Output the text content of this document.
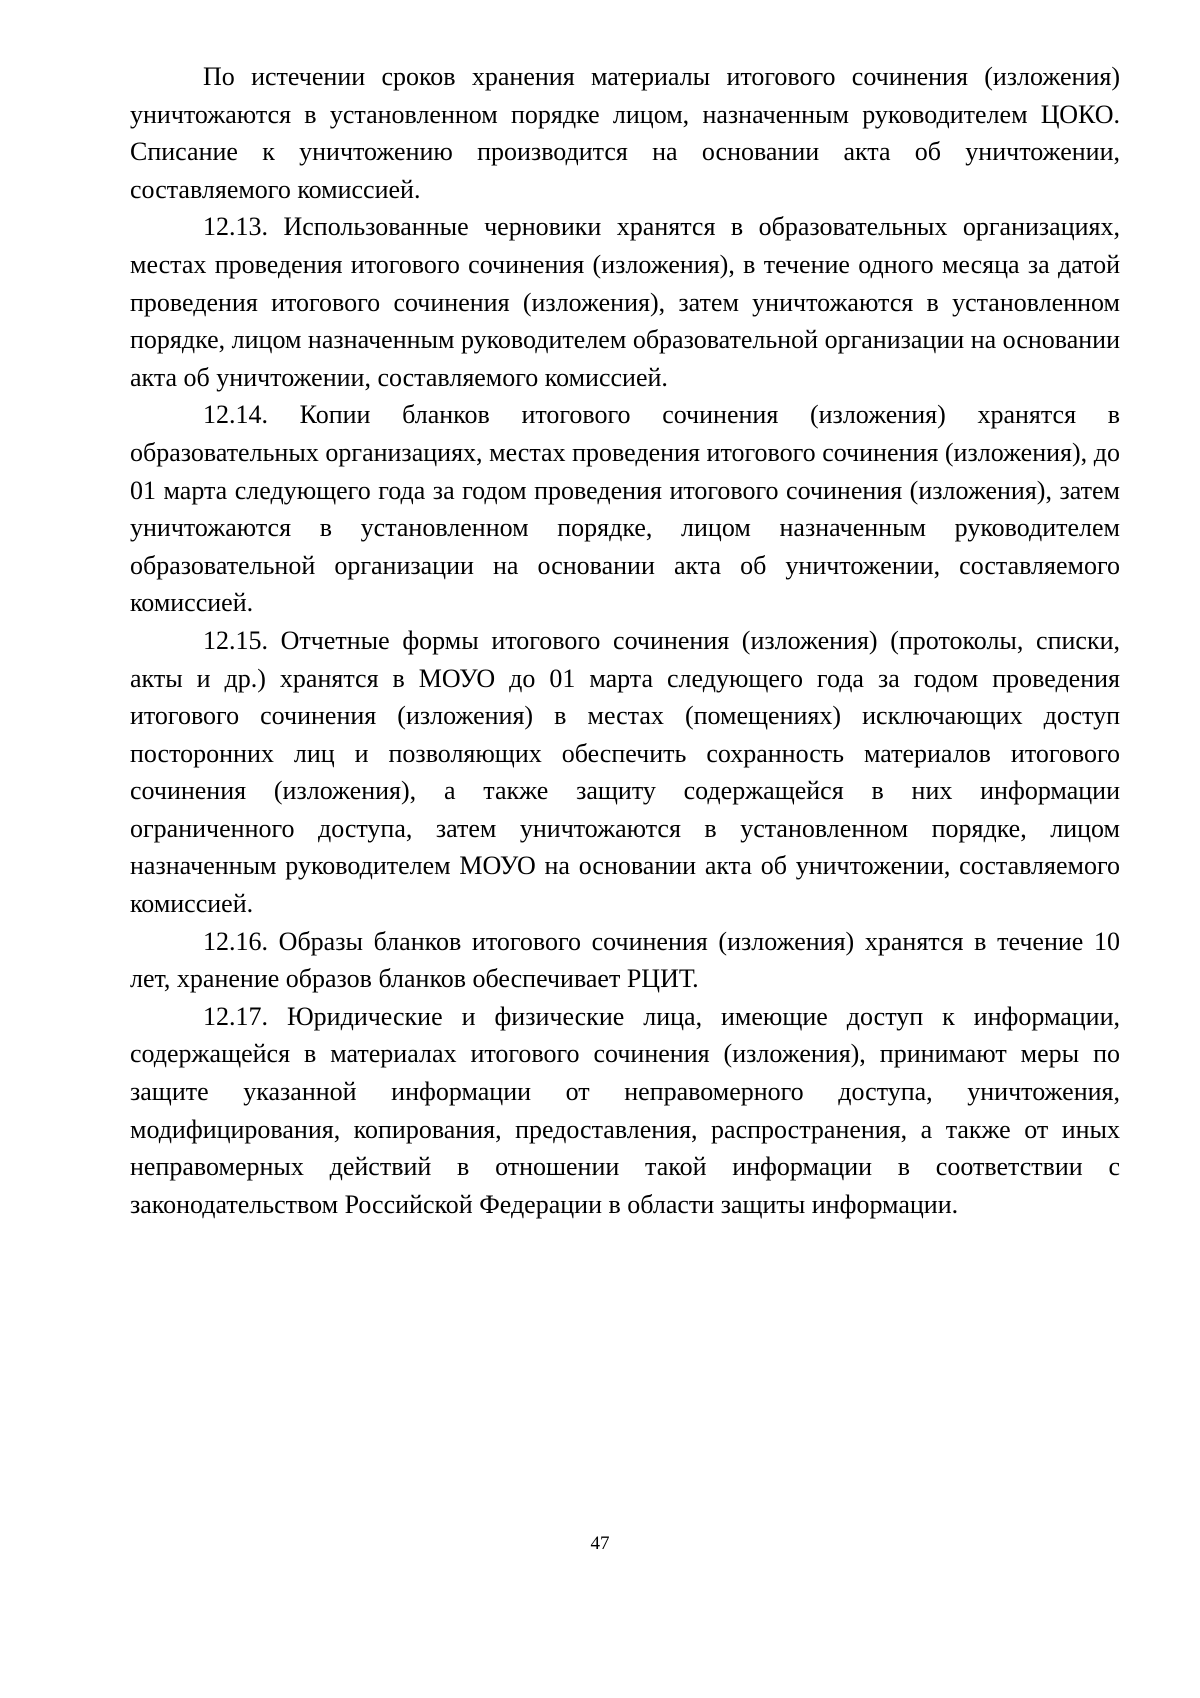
По истечении сроков хранения материалы итогового сочинения (изложения) уничтожаются в установленном порядке лицом, назначенным руководителем ЦОКО. Списание к уничтожению производится на основании акта об уничтожении, составляемого комиссией.

12.13. Использованные черновики хранятся в образовательных организациях, местах проведения итогового сочинения (изложения), в течение одного месяца за датой проведения итогового сочинения (изложения), затем уничтожаются в установленном порядке, лицом назначенным руководителем образовательной организации на основании акта об уничтожении, составляемого комиссией.

12.14. Копии бланков итогового сочинения (изложения) хранятся в образовательных организациях, местах проведения итогового сочинения (изложения), до 01 марта следующего года за годом проведения итогового сочинения (изложения), затем уничтожаются в установленном порядке, лицом назначенным руководителем образовательной организации на основании акта об уничтожении, составляемого комиссией.

12.15. Отчетные формы итогового сочинения (изложения) (протоколы, списки, акты и др.) хранятся в МОУО до 01 марта следующего года за годом проведения итогового сочинения (изложения) в местах (помещениях) исключающих доступ посторонних лиц и позволяющих обеспечить сохранность материалов итогового сочинения (изложения), а также защиту содержащейся в них информации ограниченного доступа, затем уничтожаются в установленном порядке, лицом назначенным руководителем МОУО на основании акта об уничтожении, составляемого комиссией.

12.16. Образы бланков итогового сочинения (изложения) хранятся в течение 10 лет, хранение образов бланков обеспечивает РЦИТ.

12.17. Юридические и физические лица, имеющие доступ к информации, содержащейся в материалах итогового сочинения (изложения), принимают меры по защите указанной информации от неправомерного доступа, уничтожения, модифицирования, копирования, предоставления, распространения, а также от иных неправомерных действий в отношении такой информации в соответствии с законодательством Российской Федерации в области защиты информации.

47
